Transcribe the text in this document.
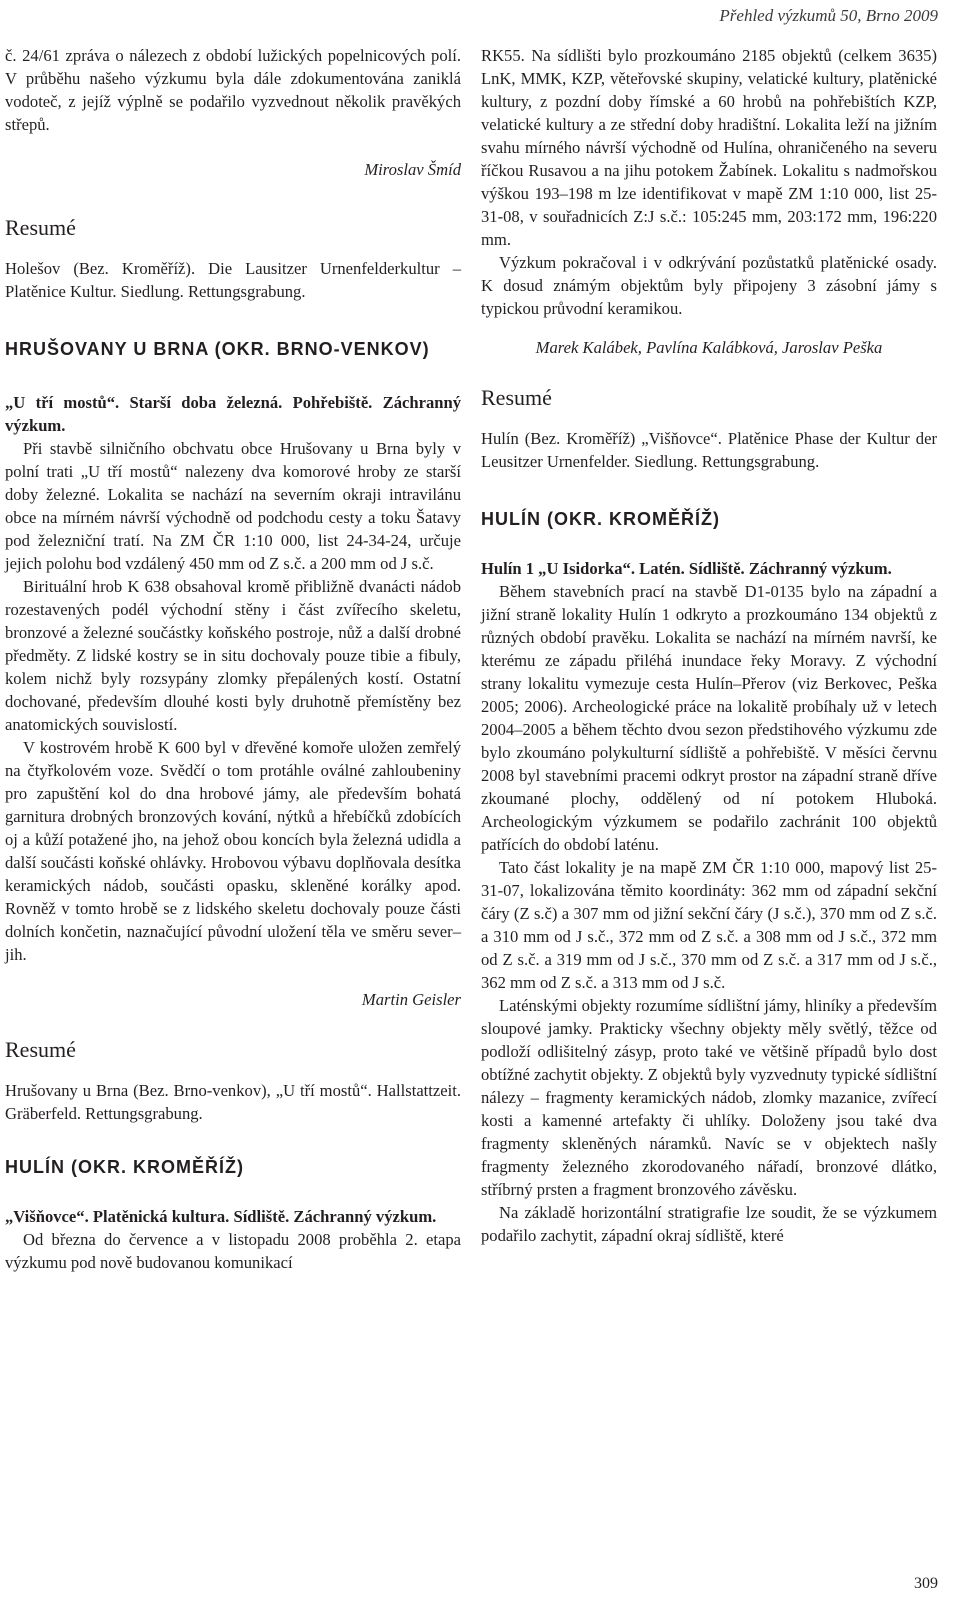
Přehled výzkumů 50, Brno 2009

č. 24/61 zpráva o nálezech z období lužických popelnicových polí. V průběhu našeho výzkumu byla dále zdokumentována zaniklá vodoteč, z jejíž výplně se podařilo vyzvednout několik pravěkých střepů.

Miroslav Šmíd
Resumé

Holešov (Bez. Kroměříž). Die Lausitzer Urnenfelderkultur – Platěnice Kultur. Siedlung. Rettungsgrabung.

HRUŠOVANY U BRNA (OKR. BRNO-VENKOV)

„U tří mostů“. Starší doba železná. Pohřebiště. Záchranný výzkum.

Při stavbě silničního obchvatu obce Hrušovany u Brna byly v polní trati „U tří mostů“ nalezeny dva komorové hroby ze starší doby železné. Lokalita se nachází na severním okraji intravilánu obce na mírném návrší východně od podchodu cesty a toku Šatavy pod železniční tratí. Na ZM ČR 1:10 000, list 24-34-24, určuje jejich polohu bod vzdálený 450 mm od Z s.č. a 200 mm od J s.č.

Birituální hrob K 638 obsahoval kromě přibližně dvanácti nádob rozestavených podél východní stěny i část zvířecího skeletu, bronzové a železné součástky koňského postroje, nůž a další drobné předměty. Z lidské kostry se in situ dochovaly pouze tibie a fibuly, kolem nichž byly rozsypány zlomky přepálených kostí. Ostatní dochované, především dlouhé kosti byly druhotně přemístěny bez anatomických souvislostí.

V kostrovém hrobě K 600 byl v dřevěné komoře uložen zemřelý na čtyřkolovém voze. Svědčí o tom protáhle oválné zahloubeniny pro zapuštění kol do dna hrobové jámy, ale především bohatá garnitura drobných bronzových kování, nýtků a hřebíčků zdobících oj a kůží potažené jho, na jehož obou koncích byla železná udidla a další součásti koňské ohlávky. Hrobovou výbavu doplňovala desítka keramických nádob, součásti opasku, skleněné korálky apod. Rovněž v tomto hrobě se z lidského skeletu dochovaly pouze části dolních končetin, naznačující původní uložení těla ve směru sever–jih.

Martin Geisler
Resumé

Hrušovany u Brna (Bez. Brno-venkov), „U tří mostů“. Hallstattzeit. Gräberfeld. Rettungsgrabung.

HULÍN (OKR. KROMĚŘÍŽ)

„Višňovce“. Platěnická kultura. Sídliště. Záchranný výzkum.

Od března do července a v listopadu 2008 proběhla 2. etapa výzkumu pod nově budovanou komunikací

RK55. Na sídlišti bylo prozkoumáno 2185 objektů (celkem 3635) LnK, MMK, KZP, věteřovské skupiny, velatické kultury, platěnické kultury, z pozdní doby římské a 60 hrobů na pohřebištích KZP, velatické kultury a ze střední doby hradištní. Lokalita leží na jižním svahu mírného návrší východně od Hulína, ohraničeného na severu říčkou Rusavou a na jihu potokem Žabínek. Lokalitu s nadmořskou výškou 193–198 m lze identifikovat v mapě ZM 1:10 000, list 25-31-08, v souřadnicích Z:J s.č.: 105:245 mm, 203:172 mm, 196:220 mm.

Výzkum pokračoval i v odkrývání pozůstatků platěnické osady. K dosud známým objektům byly připojeny 3 zásobní jámy s typickou průvodní keramikou.

Marek Kalábek, Pavlína Kalábková, Jaroslav Peška
Resumé

Hulín (Bez. Kroměříž) „Višňovce“. Platěnice Phase der Kultur der Leusitzer Urnenfelder. Siedlung. Rettungsgrabung.

HULÍN (OKR. KROMĚŘÍŽ)

Hulín 1 „U Isidorka“. Latén. Sídliště. Záchranný výzkum.

Během stavebních prací na stavbě D1-0135 bylo na západní a jižní straně lokality Hulín 1 odkryto a prozkoumáno 134 objektů z různých období pravěku. Lokalita se nachází na mírném navrší, ke kterému ze západu přiléhá inundace řeky Moravy. Z východní strany lokalitu vymezuje cesta Hulín–Přerov (viz Berkovec, Peška 2005; 2006). Archeologické práce na lokalitě probíhaly už v letech 2004–2005 a během těchto dvou sezon předstihového výzkumu zde bylo zkoumáno polykulturní sídliště a pohřebiště. V měsíci červnu 2008 byl stavebními pracemi odkryt prostor na západní straně dříve zkoumané plochy, oddělený od ní potokem Hluboká. Archeologickým výzkumem se podařilo zachránit 100 objektů patřících do období laténu.

Tato část lokality je na mapě ZM ČR 1:10 000, mapový list 25-31-07, lokalizována těmito koordináty: 362 mm od západní sekční čáry (Z s.č) a 307 mm od jižní sekční čáry (J s.č.), 370 mm od Z s.č. a 310 mm od J s.č., 372 mm od Z s.č. a 308 mm od J s.č., 372 mm od Z s.č. a 319 mm od J s.č., 370 mm od Z s.č. a 317 mm od J s.č., 362 mm od Z s.č. a 313 mm od J s.č.

Laténskými objekty rozumíme sídlištní jámy, hliníky a především sloupové jamky. Prakticky všechny objekty měly světlý, těžce od podloží odlišitelný zásyp, proto také ve většině případů bylo dost obtížné zachytit objekty. Z objektů byly vyzvednuty typické sídlištní nálezy – fragmenty keramických nádob, zlomky mazanice, zvířecí kosti a kamenné artefakty či uhlíky. Doloženy jsou také dva fragmenty skleněných náramků. Navíc se v objektech našly fragmenty železného zkorodovaného nářadí, bronzové dlátko, stříbrný prsten a fragment bronzového závěsku.

Na základě horizontální stratigrafie lze soudit, že se výzkumem podařilo zachytit, západní okraj sídliště, které

309
